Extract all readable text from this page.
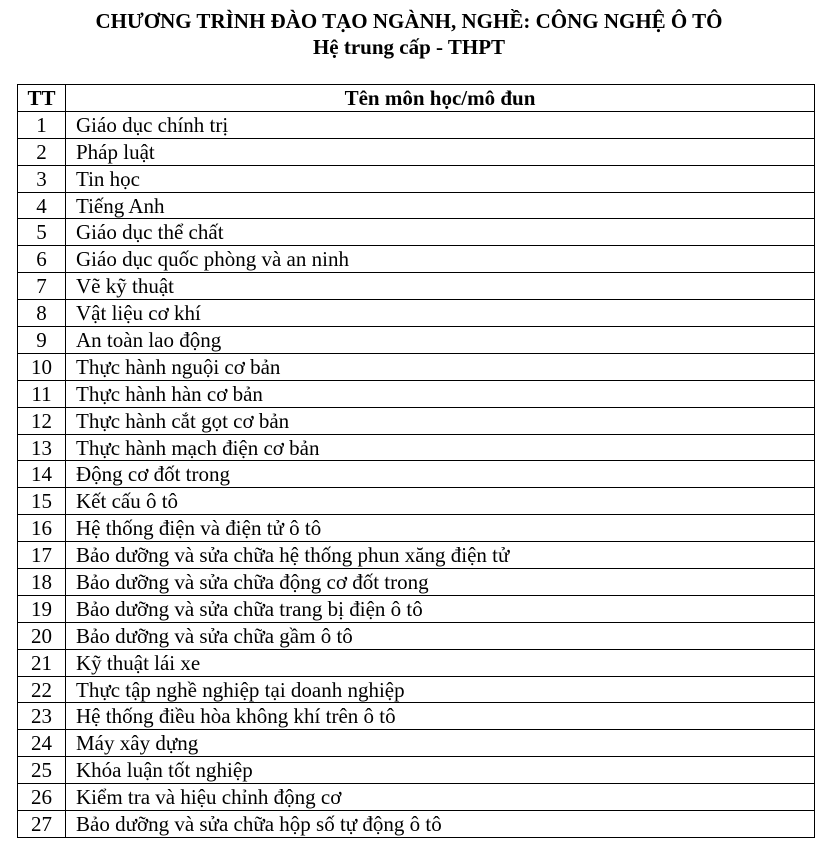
CHƯƠNG TRÌNH ĐÀO TẠO NGÀNH, NGHỀ: CÔNG NGHỆ Ô TÔ
Hệ trung cấp - THPT
TT	Tên môn học/mô đun
1	Giáo dục chính trị
2	Pháp luật
3	Tin học
4	Tiếng Anh
5	Giáo dục thể chất
6	Giáo dục quốc phòng và an ninh
7	Vẽ kỹ thuật
8	Vật liệu cơ khí
9	An toàn lao động
10	Thực hành nguội cơ bản
11	Thực hành hàn cơ bản
12	Thực hành cắt gọt cơ bản
13	Thực hành mạch điện cơ bản
14	Động cơ đốt trong
15	Kết cấu ô tô
16	Hệ thống điện và điện tử ô tô
17	Bảo dưỡng và sửa chữa hệ thống phun xăng điện tử
18	Bảo dưỡng và sửa chữa động cơ đốt trong
19	Bảo dưỡng và sửa chữa trang bị điện ô tô
20	Bảo dưỡng và sửa chữa gầm ô tô
21	Kỹ thuật lái xe
22	Thực tập nghề nghiệp tại doanh nghiệp
23	Hệ thống điều hòa không khí trên ô tô
24	Máy xây dựng
25	Khóa luận tốt nghiệp
26	Kiểm tra và hiệu chỉnh động cơ
27	Bảo dưỡng và sửa chữa hộp số tự động ô tô
